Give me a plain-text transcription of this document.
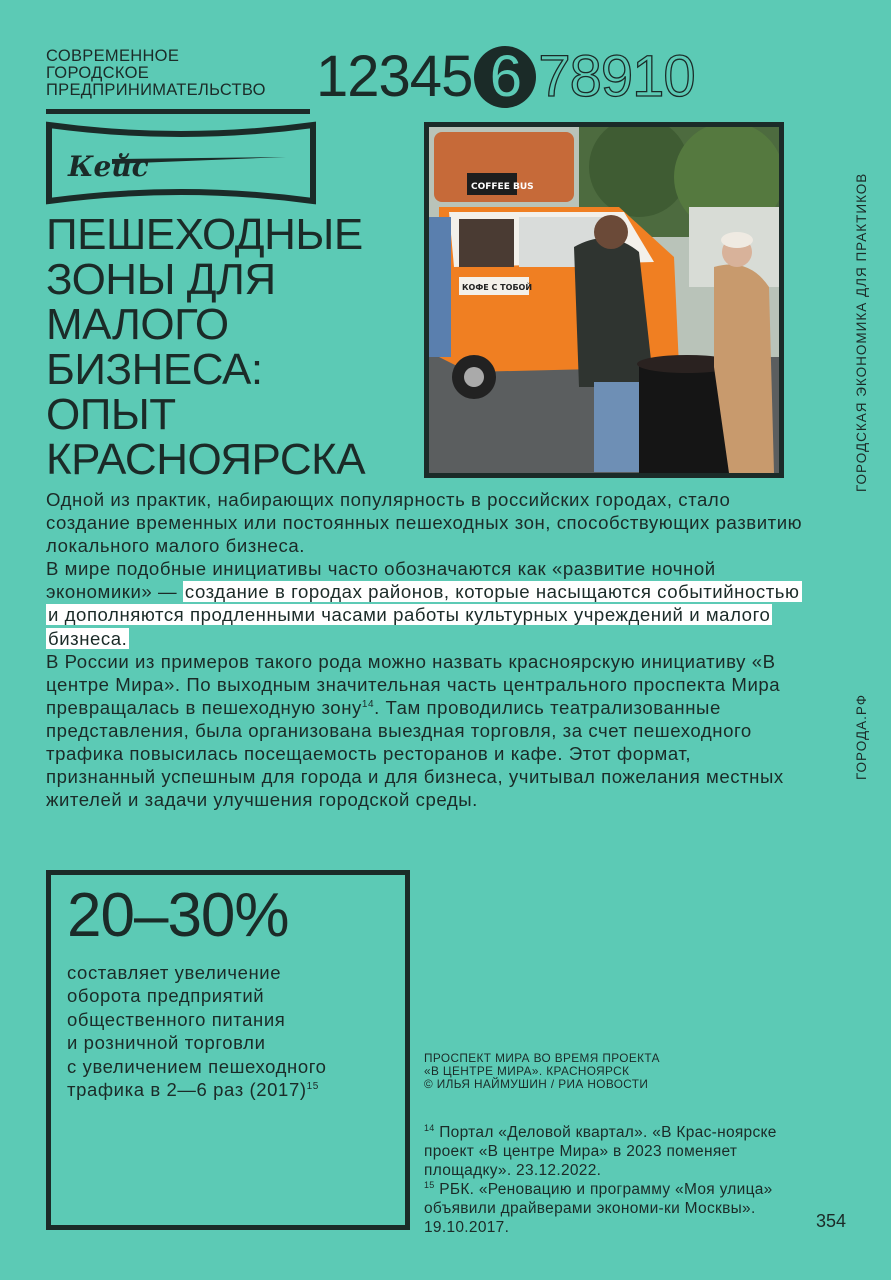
СОВРЕМЕННОЕ
ГОРОДСКОЕ
ПРЕДПРИНИМАТЕЛЬСТВО 1 2 3 4 5 6 7 8 9 10
Кейс
ПЕШЕХОДНЫЕ
ЗОНЫ ДЛЯ
МАЛОГО
БИЗНЕСА:
ОПЫТ
КРАСНОЯРСКА
COFFEE BUS
КОФЕ С ТОБОЙ

Одной из практик, набирающих популярность в российских городах, стало создание временных или постоянных пешеходных зон, способствующих развитию локального малого бизнеса.

В мире подобные инициативы часто обозначаются как «развитие ночной экономики» — создание в городах районов, которые насыщаются событийностью и дополняются продленными часами работы культурных учреждений и малого бизнеса.

В России из примеров такого рода можно назвать красноярскую инициативу «В центре Мира». По выходным значительная часть центрального проспекта Мира превращалась в пешеходную зону$^{14}$. Там проводились театрализованные представления, была организована выездная торговля, за счет пешеходного трафика повысилась посещаемость ресторанов и кафе. Этот формат, признанный успешным для города и для бизнеса, учитывал пожелания местных жителей и задачи улучшения городской среды.

ГОРОДСКАЯ ЭКОНОМИКА ДЛЯ ПРАКТИКОВ
ГОРОДА.РФ
20–30%
составляет увеличение
оборота предприятий
общественного питания
и розничной торговли
с увеличением пешеходного
трафика в 2—6 раз $(2017)^{15}$
ПРОСПЕКТ МИРА ВО ВРЕМЯ ПРОЕКТА
«В ЦЕНТРЕ МИРА». КРАСНОЯРСК
© ИЛЬЯ НАЙМУШИН / РИА НОВОСТИ

$^{14}$ Портал «Деловой квартал». «В Крас-ноярске проект «В центре Мира» в 2023 поменяет площадку». 23.12.2022.

$^{15}$ РБК. «Реновацию и программу «Моя улица» объявили драйверами экономи-ки Москвы». 19.10.2017.	354
